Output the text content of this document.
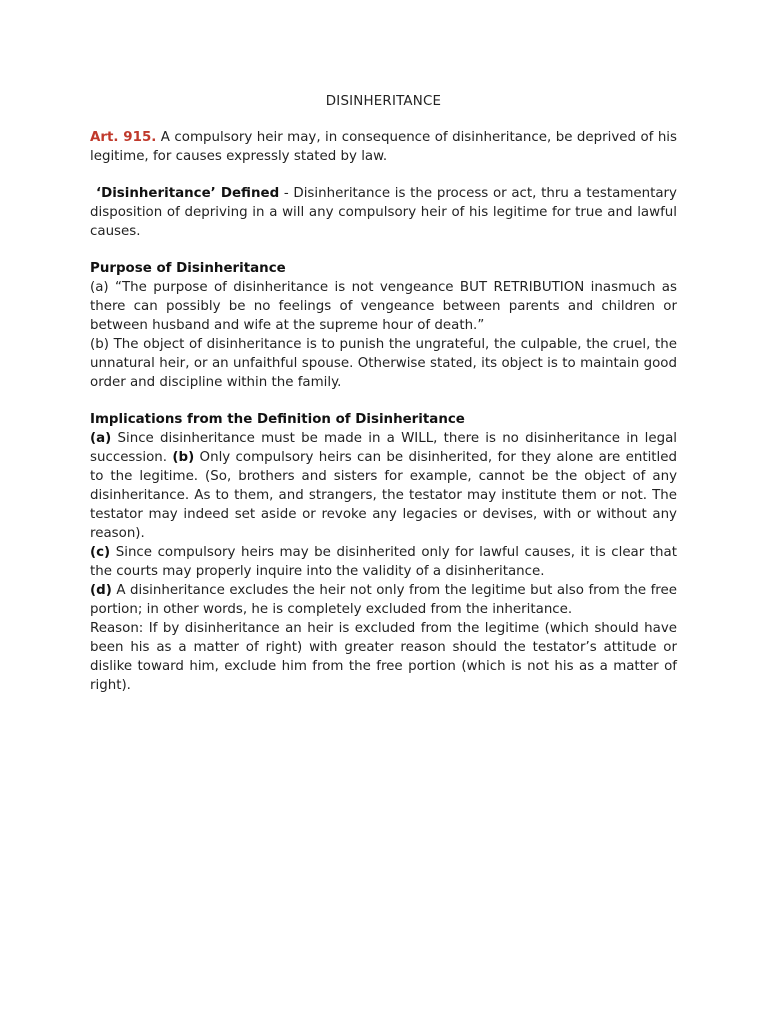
DISINHERITANCE

Art. 915. A compulsory heir may, in consequence of disinheritance, be deprived of his legitime, for causes expressly stated by law.

‘Disinheritance’ Defined - Disinheritance is the process or act, thru a testamentary disposition of depriving in a will any compulsory heir of his legitime for true and lawful causes.

Purpose of Disinheritance

(a) “The purpose of disinheritance is not vengeance BUT RETRIBUTION inasmuch as there can possibly be no feelings of vengeance between parents and children or between husband and wife at the supreme hour of death.”

(b) The object of disinheritance is to punish the ungrateful, the culpable, the cruel, the unnatural heir, or an unfaithful spouse. Otherwise stated, its object is to maintain good order and discipline within the family.

Implications from the Definition of Disinheritance

(a) Since disinheritance must be made in a WILL, there is no disinheritance in legal succession. (b) Only compulsory heirs can be disinherited, for they alone are entitled to the legitime. (So, brothers and sisters for example, cannot be the object of any disinheritance. As to them, and strangers, the testator may institute them or not. The testator may indeed set aside or revoke any legacies or devises, with or without any reason).

(c) Since compulsory heirs may be disinherited only for lawful causes, it is clear that the courts may properly inquire into the validity of a disinheritance.

(d) A disinheritance excludes the heir not only from the legitime but also from the free portion; in other words, he is completely excluded from the inheritance.

Reason: If by disinheritance an heir is excluded from the legitime (which should have been his as a matter of right) with greater reason should the testator’s attitude or dislike toward him, exclude him from the free portion (which is not his as a matter of right).
